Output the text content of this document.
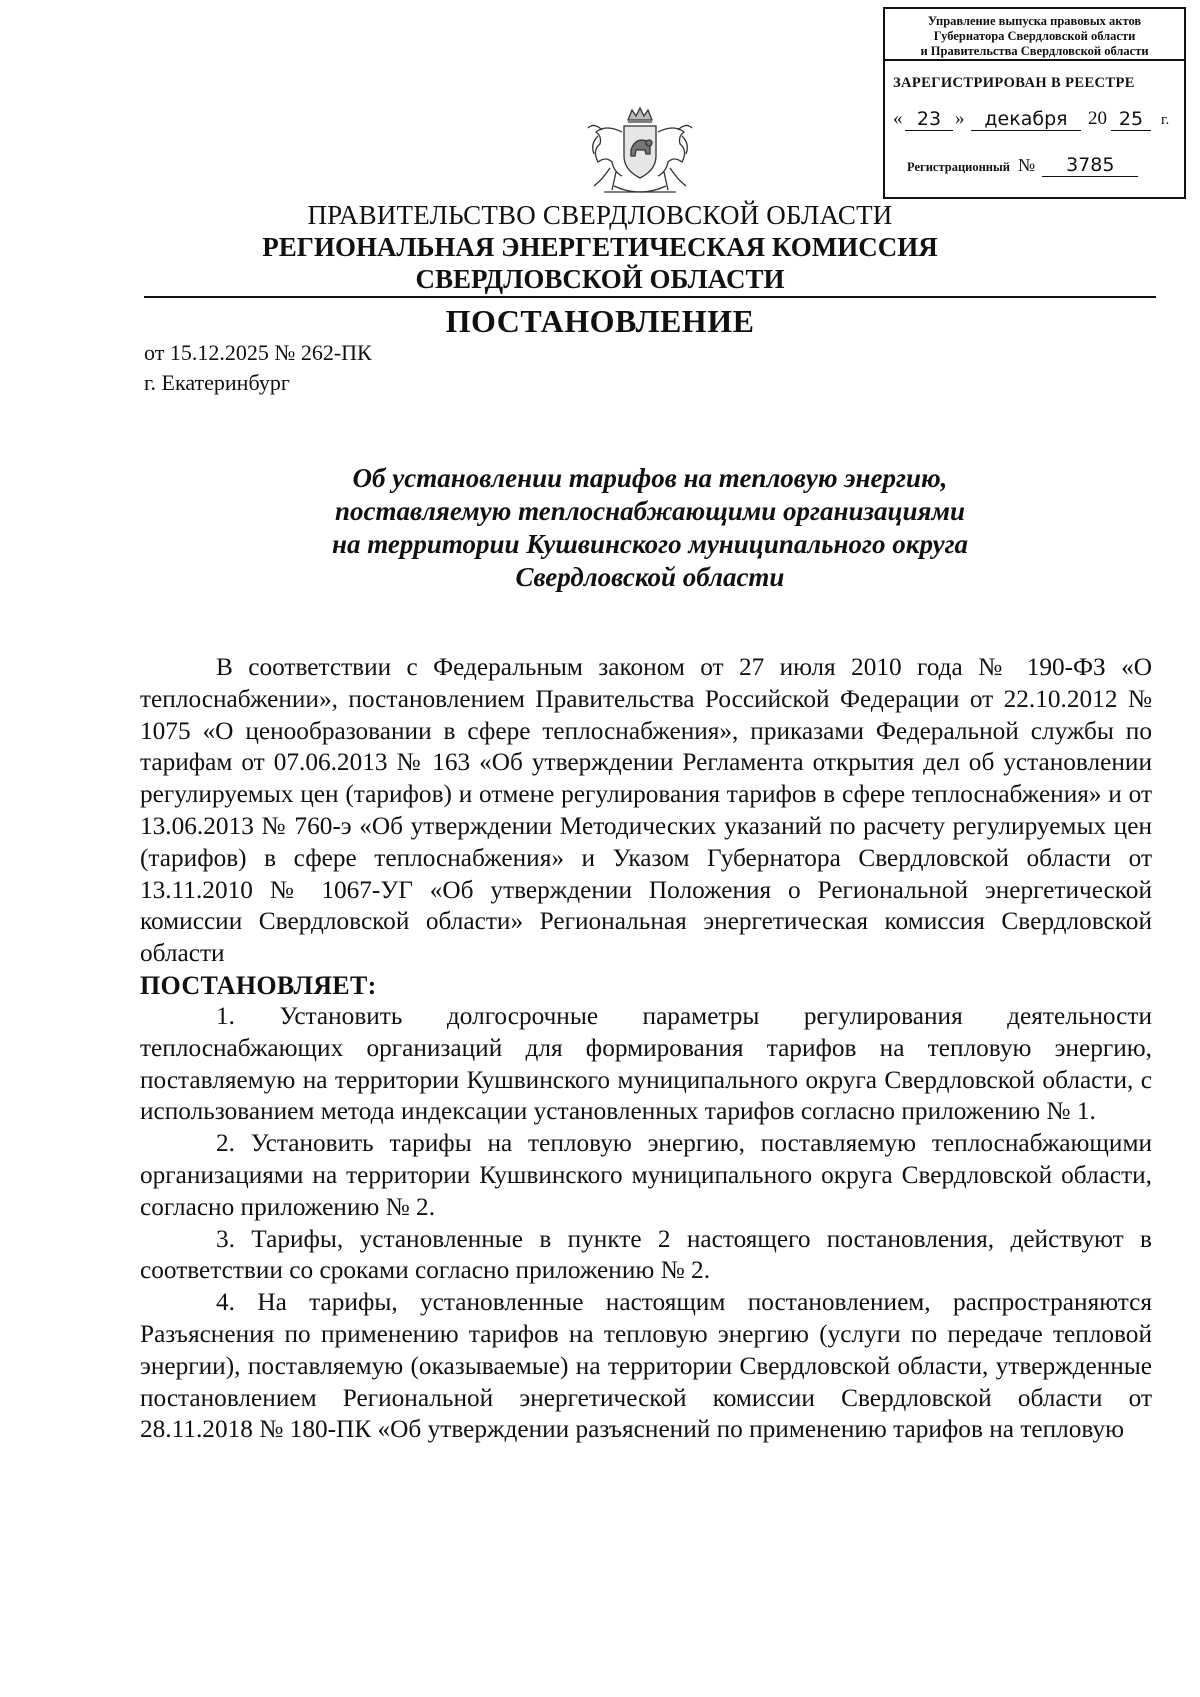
Управление выпуска правовых актов
Губернатора Свердловской области
и Правительства Свердловской области
ЗАРЕГИСТРИРОВАН В РЕЕСТРЕ
« 23 »	декабря	20 25	г.
Регистрационный № 3785
ПРАВИТЕЛЬСТВО СВЕРДЛОВСКОЙ ОБЛАСТИ
РЕГИОНАЛЬНАЯ ЭНЕРГЕТИЧЕСКАЯ КОМИССИЯ
СВЕРДЛОВСКОЙ ОБЛАСТИ
ПОСТАНОВЛЕНИЕ
от 15.12.2025 № 262-ПК
г. Екатеринбург
Об установлении тарифов на тепловую энергию,
поставляемую теплоснабжающими организациями
на территории Кушвинского муниципального округа
Свердловской области

В соответствии с Федеральным законом от 27 июля 2010 года № 190-ФЗ «О теплоснабжении», постановлением Правительства Российской Федерации от 22.10.2012 № 1075 «О ценообразовании в сфере теплоснабжения», приказами Федеральной службы по тарифам от 07.06.2013 № 163 «Об утверждении Регламента открытия дел об установлении регулируемых цен (тарифов) и отмене регулирования тарифов в сфере теплоснабжения» и от 13.06.2013 № 760-э «Об утверждении Методических указаний по расчету регулируемых цен (тарифов) в сфере теплоснабжения» и Указом Губернатора Свердловской области от 13.11.2010 № 1067-УГ «Об утверждении Положения о Региональной энергетической комиссии Свердловской области» Региональная энергетическая комиссия Свердловской области

ПОСТАНОВЛЯЕТ:

1. Установить долгосрочные параметры регулирования деятельности теплоснабжающих организаций для формирования тарифов на тепловую энергию, поставляемую на территории Кушвинского муниципального округа Свердловской области, с использованием метода индексации установленных тарифов согласно приложению № 1.

2. Установить тарифы на тепловую энергию, поставляемую теплоснабжающими организациями на территории Кушвинского муниципального округа Свердловской области, согласно приложению № 2.

3. Тарифы, установленные в пункте 2 настоящего постановления, действуют в соответствии со сроками согласно приложению № 2.

4. На тарифы, установленные настоящим постановлением, распространяются Разъяснения по применению тарифов на тепловую энергию (услуги по передаче тепловой энергии), поставляемую (оказываемые) на территории Свердловской области, утвержденные постановлением Региональной энергетической комиссии Свердловской области от 28.11.2018 № 180-ПК «Об утверждении разъяснений по применению тарифов на тепловую
